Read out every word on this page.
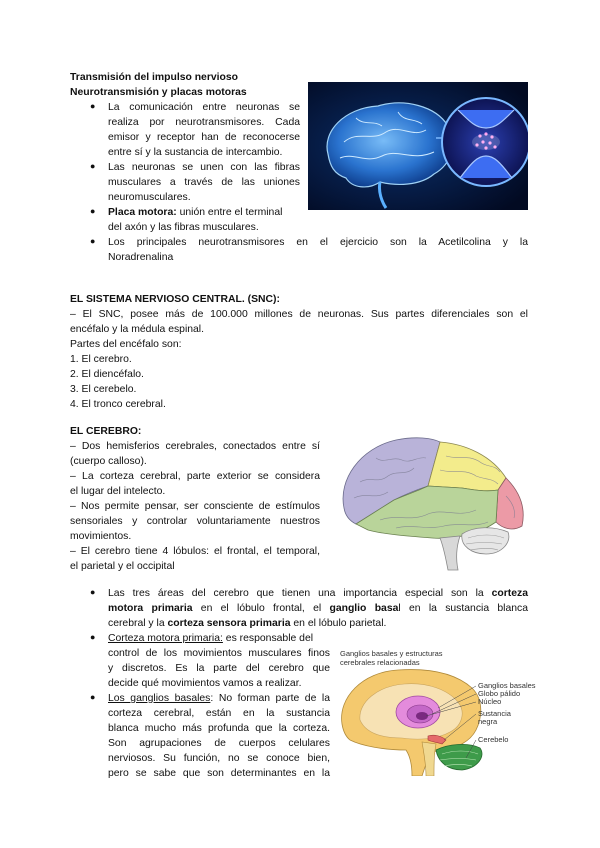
Transmisión del impulso nervioso
Neurotransmisión y placas motoras
● La comunicación entre neuronas se
realiza por neurotransmisores. Cada
emisor y receptor han de reconocerse
entre sí y la sustancia de intercambio.
● Las neuronas se unen con las fibras
musculares a través de las uniones
neuromusculares.
● Placa motora: unión entre el terminal
del axón y las fibras musculares.
● Los principales neurotransmisores en el ejercicio son la Acetilcolina y la
Noradrenalina
EL SISTEMA NERVIOSO CENTRAL. (SNC):
– El SNC, posee más de 100.000 millones de neuronas. Sus partes diferenciales son el
encéfalo y la médula espinal.
Partes del encéfalo son:
1. El cerebro.
2. El diencéfalo.
3. El cerebelo.
4. El tronco cerebral.
EL CEREBRO:
– Dos hemisferios cerebrales, conectados entre sí
(cuerpo calloso).
– La corteza cerebral, parte exterior se considera
el lugar del intelecto.
– Nos permite pensar, ser consciente de estímulos
sensoriales y controlar voluntariamente nuestros
movimientos.
– El cerebro tiene 4 lóbulos: el frontal, el temporal,
el parietal y el occipital
● Las tres áreas del cerebro que tienen una importancia especial son la corteza
motora primaria en el lóbulo frontal, el ganglio basal en la sustancia blanca
cerebral y la corteza sensora primaria en el lóbulo parietal.
● Corteza motora primaria: es responsable del
control de los movimientos musculares finos
y discretos. Es la parte del cerebro que
decide qué movimientos vamos a realizar.
● Los ganglios basales: No forman parte de la
corteza cerebral, están en la sustancia
blanca mucho más profunda que la corteza.
Son agrupaciones de cuerpos celulares
nerviosos. Su función, no se conoce bien,
pero se sabe que son determinantes en la
Ganglios basales y estructuras
cerebrales relacionadas
Ganglios basales
Globo pálido
Núcleo
Sustancia
negra
Cerebelo
